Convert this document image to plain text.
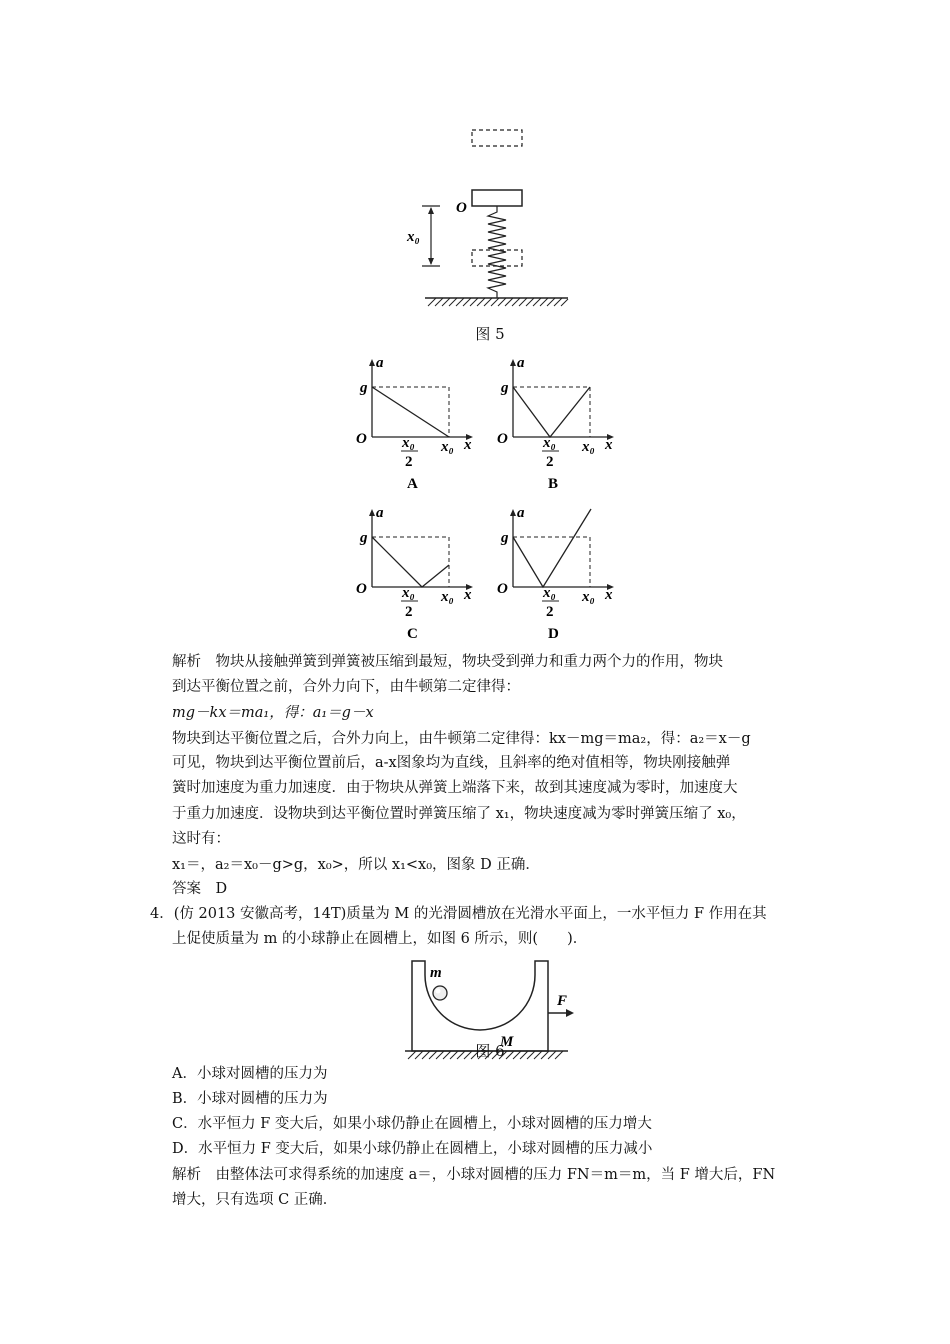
O
x₀
图 5
a
g
O	x
x₀
x₀
2
A
a
g
O	x
x₀
x₀
2
B
a
g
O	x
x₀
x₀
2
C
a
g
O	x
x₀
x₀
2
D
解析　物块从接触弹簧到弹簧被压缩到最短，物块受到弹力和重力两个力的作用，物块
到达平衡位置之前，合外力向下，由牛顿第二定律得：
mg－kx＝ma₁，得：a₁＝g－x
物块到达平衡位置之后，合外力向上，由牛顿第二定律得：kx－mg＝ma₂，得：a₂＝x－g
可见，物块到达平衡位置前后，a-x图象均为直线，且斜率的绝对值相等，物块刚接触弹
簧时加速度为重力加速度．由于物块从弹簧上端落下来，故到其速度减为零时，加速度大
于重力加速度．设物块到达平衡位置时弹簧压缩了 x₁，物块速度减为零时弹簧压缩了 x₀，
这时有：
x₁＝，a₂＝x₀－g>g，x₀>，所以 x₁<x₀，图象 D 正确．
答案　D
4．(仿 2013 安徽高考，14T)质量为 M 的光滑圆槽放在光滑水平面上，一水平恒力 F 作用在其
上促使质量为 m 的小球静止在圆槽上，如图 6 所示，则(　　)．
m
M
F
图 6
A．小球对圆槽的压力为
B．小球对圆槽的压力为
C．水平恒力 F 变大后，如果小球仍静止在圆槽上，小球对圆槽的压力增大
D．水平恒力 F 变大后，如果小球仍静止在圆槽上，小球对圆槽的压力减小
解析　由整体法可求得系统的加速度 a＝，小球对圆槽的压力 FN＝m＝m，当 F 增大后，FN
增大，只有选项 C 正确．
